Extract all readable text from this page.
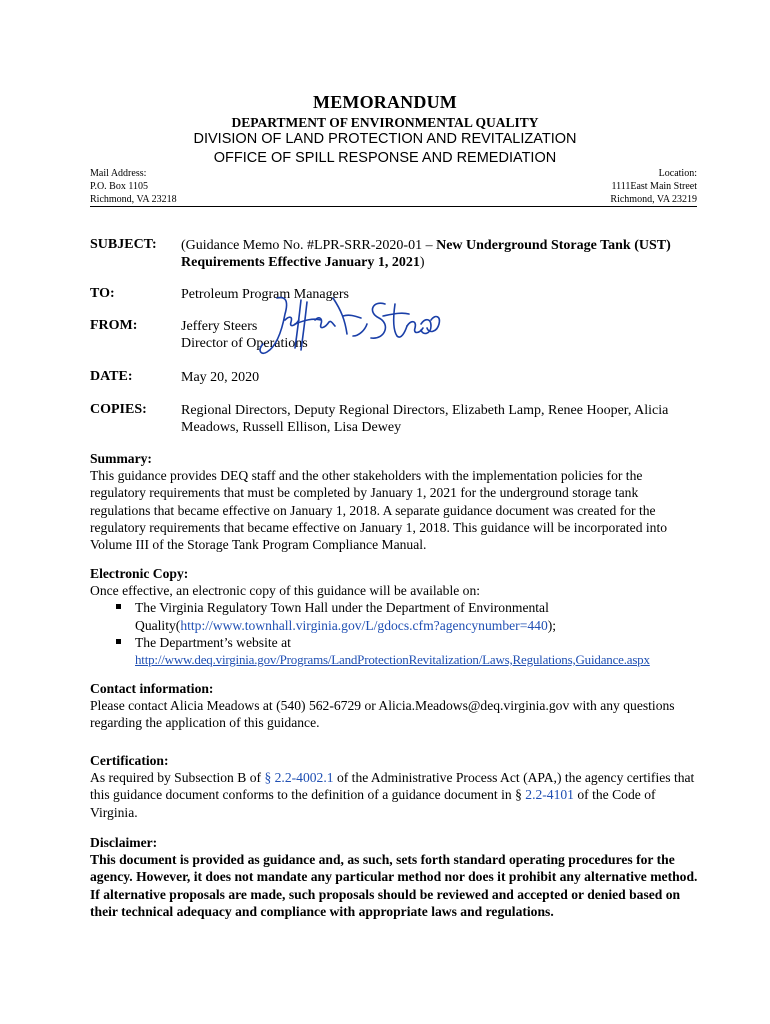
MEMORANDUM
DEPARTMENT OF ENVIRONMENTAL QUALITY
DIVISION OF LAND PROTECTION AND REVITALIZATION
OFFICE OF SPILL RESPONSE AND REMEDIATION
Mail Address:
P.O. Box 1105
Richmond, VA 23218
Location:
1111East Main Street
Richmond, VA 23219
SUBJECT: (Guidance Memo No. #LPR-SRR-2020-01 – New Underground Storage Tank (UST) Requirements Effective January 1, 2021)
TO:	Petroleum Program Managers
FROM:	Jeffery Steers
Director of Operations
DATE:	May 20, 2020
COPIES: Regional Directors, Deputy Regional Directors, Elizabeth Lamp, Renee Hooper, Alicia Meadows, Russell Ellison, Lisa Dewey
Summary:
This guidance provides DEQ staff and the other stakeholders with the implementation policies for the regulatory requirements that must be completed by January 1, 2021 for the underground storage tank regulations that became effective on January 1, 2018. A separate guidance document was created for the regulatory requirements that became effective on January 1, 2018. This guidance will be incorporated into Volume III of the Storage Tank Program Compliance Manual.
Electronic Copy:
Once effective, an electronic copy of this guidance will be available on:
The Virginia Regulatory Town Hall under the Department of Environmental Quality(http://www.townhall.virginia.gov/L/gdocs.cfm?agencynumber=440);
The Department’s website at
http://www.deq.virginia.gov/Programs/LandProtectionRevitalization/Laws,Regulations,Guidance.aspx
Contact information:
Please contact Alicia Meadows at (540) 562-6729 or Alicia.Meadows@deq.virginia.gov with any questions regarding the application of this guidance.
Certification:
As required by Subsection B of § 2.2-4002.1 of the Administrative Process Act (APA,) the agency certifies that this guidance document conforms to the definition of a guidance document in § 2.2-4101 of the Code of Virginia.
Disclaimer:
This document is provided as guidance and, as such, sets forth standard operating procedures for the agency. However, it does not mandate any particular method nor does it prohibit any alternative method. If alternative proposals are made, such proposals should be reviewed and accepted or denied based on their technical adequacy and compliance with appropriate laws and regulations.
